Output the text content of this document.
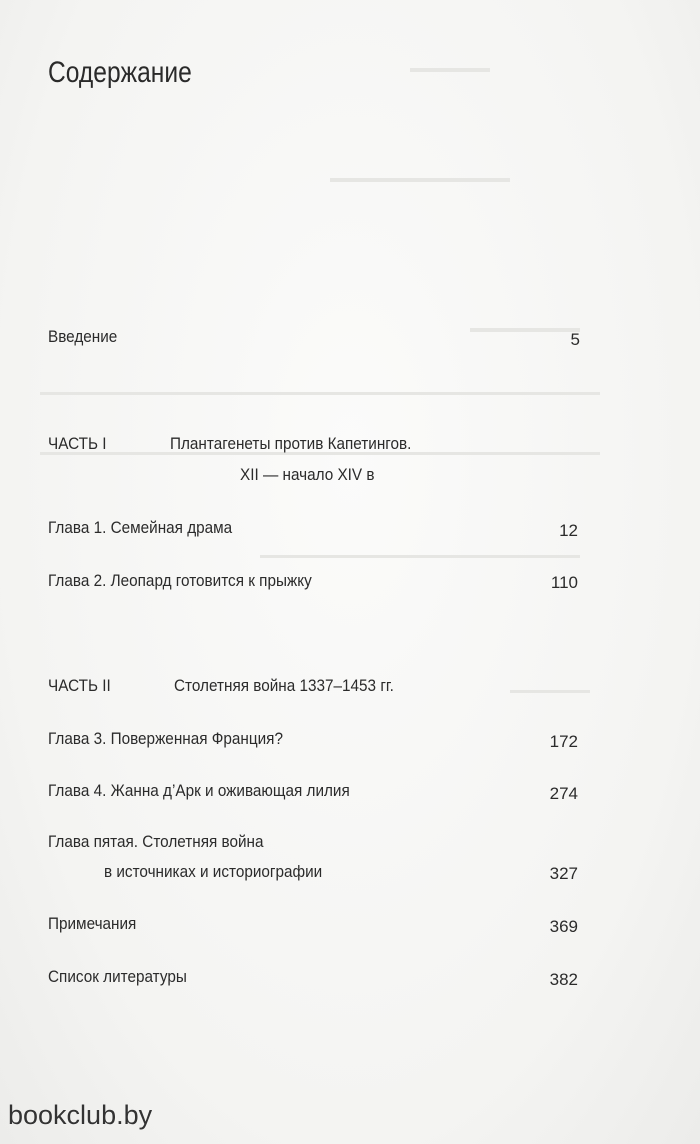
Содержание
Введение	5
ЧАСТЬ I	Плантагенеты против Капетингов.
XII — начало XIV в
Глава 1. Семейная драма	12
Глава 2. Леопард готовится к прыжку	110
ЧАСТЬ II	Столетняя война 1337–1453 гг.
Глава 3. Поверженная Франция?	172
Глава 4. Жанна д’Арк и оживающая лилия	274
Глава пятая. Столетняя война
в источниках и историографии	327
Примечания	369
Список литературы	382
bookclub.by
